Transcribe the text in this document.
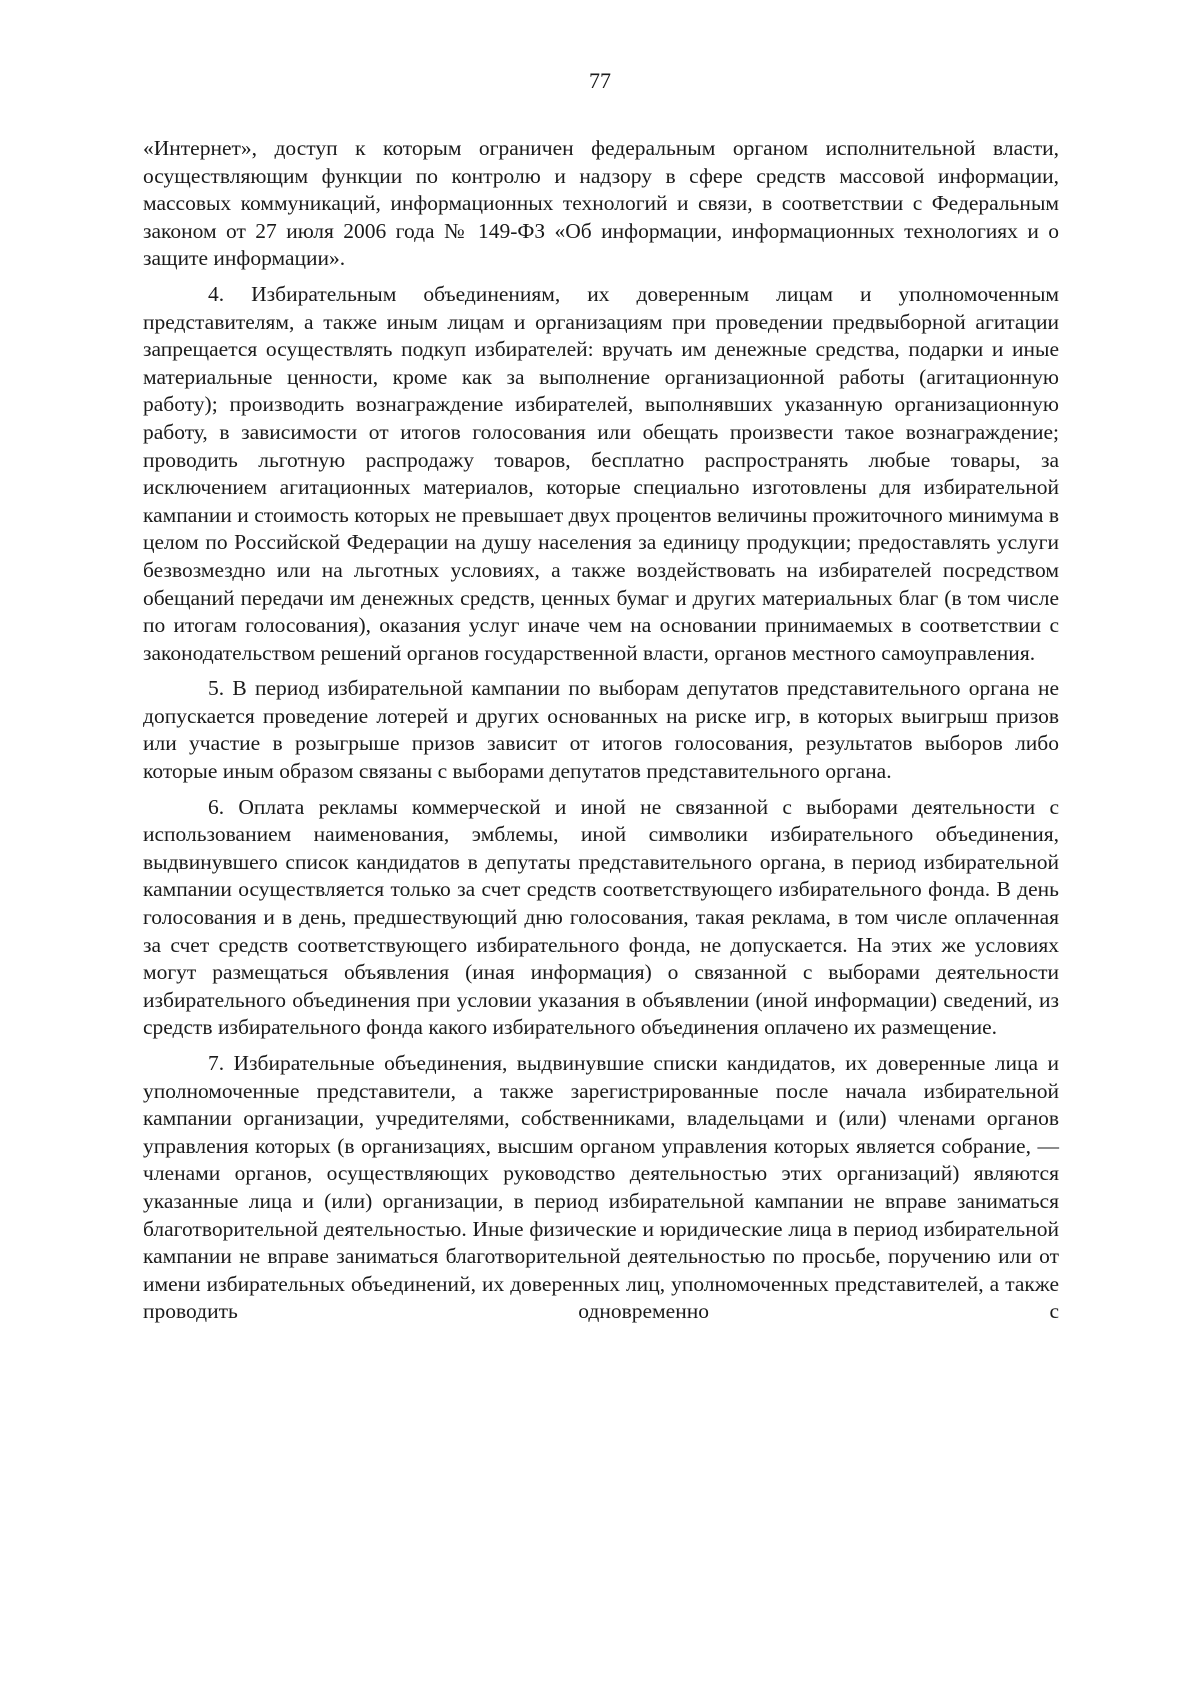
77

«Интернет», доступ к которым ограничен федеральным органом исполнительной власти, осуществляющим функции по контролю и надзору в сфере средств массовой информации, массовых коммуникаций, информационных технологий и связи, в соответствии с Федеральным законом от 27 июля 2006 года № 149-ФЗ «Об информации, информационных технологиях и о защите информации».

4. Избирательным объединениям, их доверенным лицам и уполномоченным представителям, а также иным лицам и организациям при проведении предвыборной агитации запрещается осуществлять подкуп избирателей: вручать им денежные средства, подарки и иные материальные ценности, кроме как за выполнение организационной работы (агитационную работу); производить вознаграждение избирателей, выполнявших указанную организационную работу, в зависимости от итогов голосования или обещать произвести такое вознаграждение; проводить льготную распродажу товаров, бесплатно распространять любые товары, за исключением агитационных материалов, которые специально изготовлены для избирательной кампании и стоимость которых не превышает двух процентов величины прожиточного минимума в целом по Российской Федерации на душу населения за единицу продукции; предоставлять услуги безвозмездно или на льготных условиях, а также воздействовать на избирателей посредством обещаний передачи им денежных средств, ценных бумаг и других материальных благ (в том числе по итогам голосования), оказания услуг иначе чем на основании принимаемых в соответствии с законодательством решений органов государственной власти, органов местного самоуправления.

5. В период избирательной кампании по выборам депутатов представительного органа не допускается проведение лотерей и других основанных на риске игр, в которых выигрыш призов или участие в розыгрыше призов зависит от итогов голосования, результатов выборов либо которые иным образом связаны с выборами депутатов представительного органа.

6. Оплата рекламы коммерческой и иной не связанной с выборами деятельности с использованием наименования, эмблемы, иной символики избирательного объединения, выдвинувшего список кандидатов в депутаты представительного органа, в период избирательной кампании осуществляется только за счет средств соответствующего избирательного фонда. В день голосования и в день, предшествующий дню голосования, такая реклама, в том числе оплаченная за счет средств соответствующего избирательного фонда, не допускается. На этих же условиях могут размещаться объявления (иная информация) о связанной с выборами деятельности избирательного объединения при условии указания в объявлении (иной информации) сведений, из средств избирательного фонда какого избирательного объединения оплачено их размещение.

7. Избирательные объединения, выдвинувшие списки кандидатов, их доверенные лица и уполномоченные представители, а также зарегистрированные после начала избирательной кампании организации, учредителями, собственниками, владельцами и (или) членами органов управления которых (в организациях, высшим органом управления которых является собрание, — членами органов, осуществляющих руководство деятельностью этих организаций) являются указанные лица и (или) организации, в период избирательной кампании не вправе заниматься благотворительной деятельностью. Иные физические и юридические лица в период избирательной кампании не вправе заниматься благотворительной деятельностью по просьбе, поручению или от имени избирательных объединений, их доверенных лиц, уполномоченных представителей, а также проводить одновременно с
